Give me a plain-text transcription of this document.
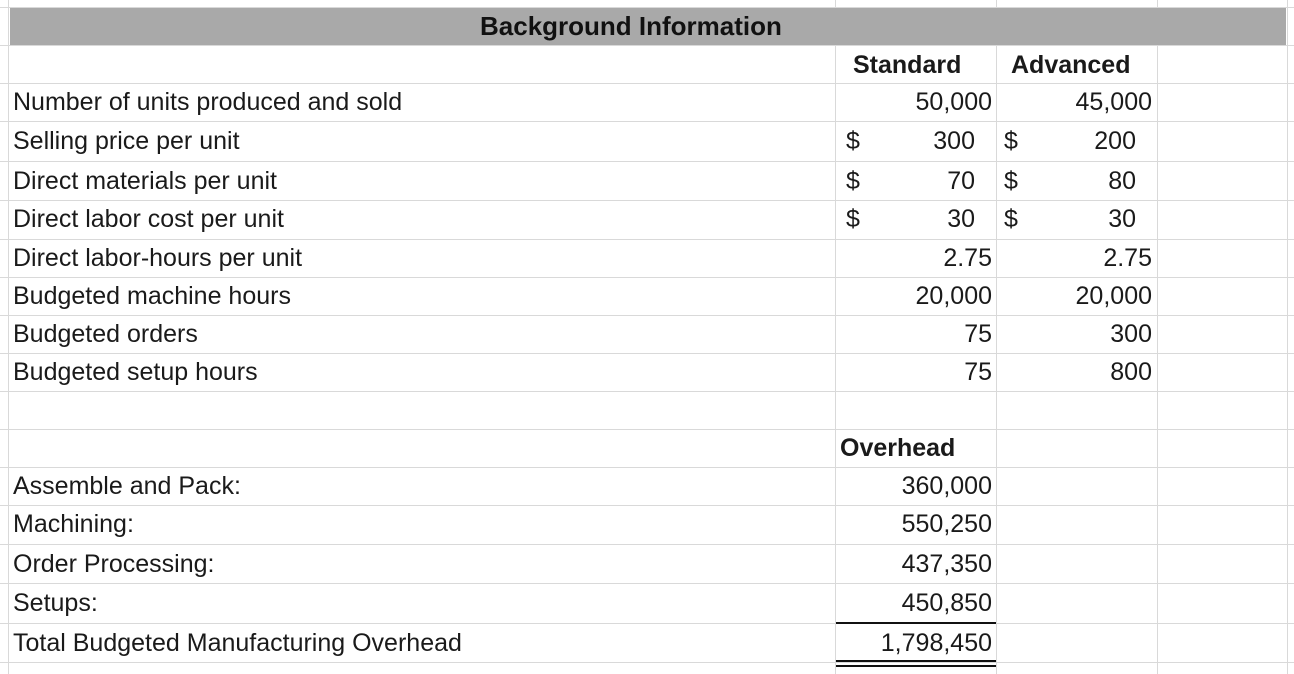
Background Information
Standard Advanced
Number of units produced and sold	50,000	45,000
Selling price per unit	$	300 $	200
Direct materials per unit	$	70 $	80
Direct labor cost per unit	$	30 $	30
Direct labor-hours per unit	2.75	2.75
Budgeted machine hours	20,000	20,000
Budgeted orders	75	300
Budgeted setup hours	75	800
Overhead
Assemble and Pack:	360,000
Machining:	550,250
Order Processing:	437,350
Setups:	450,850
Total Budgeted Manufacturing Overhead	1,798,450
